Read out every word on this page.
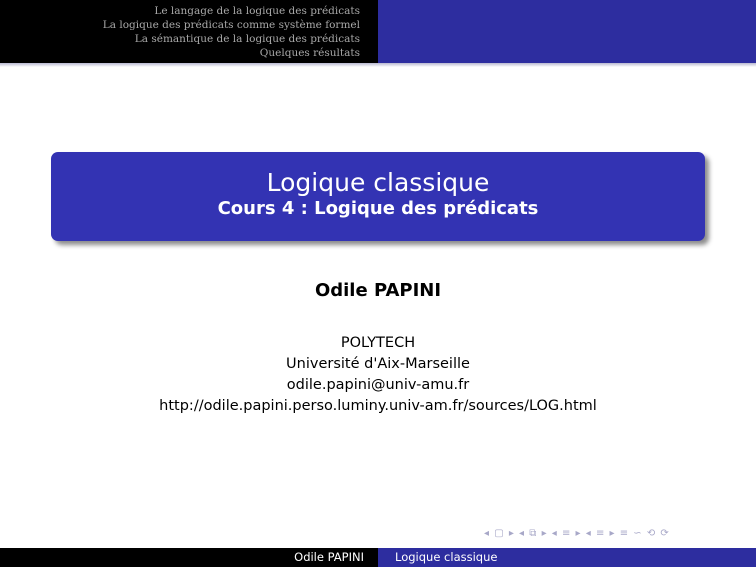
Le langage de la logique des prédicats
La logique des prédicats comme système formel
La sémantique de la logique des prédicats
Quelques résultats
Logique classique
Cours 4 : Logique des prédicats
Odile PAPINI
POLYTECH
Université d'Aix-Marseille
odile.papini@univ-amu.fr
http://odile.papini.perso.luminy.univ-am.fr/sources/LOG.html
◂ ▢ ▸ ◂ ⧉ ▸ ◂ ≡ ▸ ◂ ≡ ▸ ≡ ∽ ⟲ ⟳
Odile PAPINI	Logique classique
